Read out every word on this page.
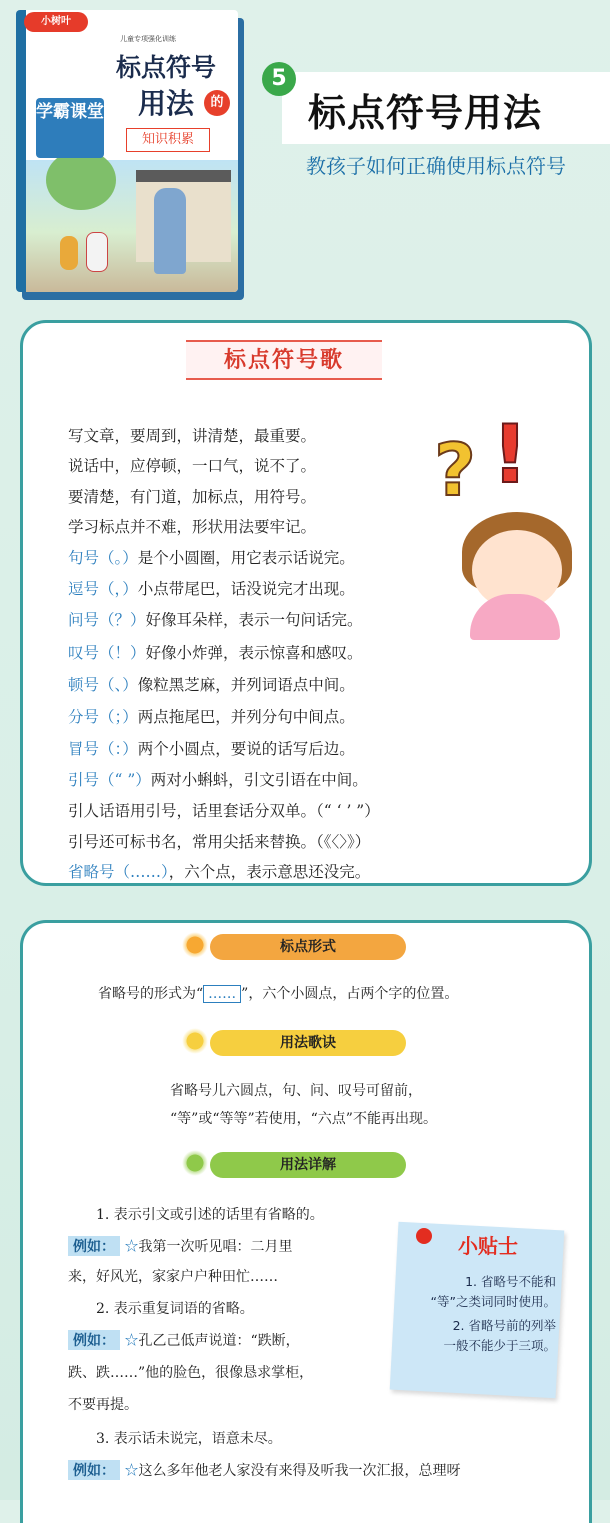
小树叶
儿童专项强化训练
标点符号
用法	的
知识积累
学霸课堂
5
标点符号用法
教孩子如何正确使用标点符号
标点符号歌
写文章，要周到，讲清楚，最重要。
说话中，应停顿，一口气，说不了。
要清楚，有门道，加标点，用符号。
学习标点并不难，形状用法要牢记。
句号（。）是个小圆圈，用它表示话说完。
逗号（，）小点带尾巴，话没说完才出现。
问号（？）好像耳朵样，表示一句问话完。
叹号（！）好像小炸弹，表示惊喜和感叹。
顿号（、）像粒黑芝麻，并列词语点中间。
分号（；）两点拖尾巴，并列分句中间点。
冒号（：）两个小圆点，要说的话写后边。
引号（“ ”）两对小蝌蚪，引文引语在中间。
引人话语用引号，话里套话分双单。（“ ‘ ’ ”）
引号还可标书名，常用尖括来替换。（《〈〉》）
省略号（……），六个点，表示意思还没完。
? !
标点形式
省略号的形式为“ …… ”，六个小圆点，占两个字的位置。
用法歌诀
省略号儿六圆点，句、问、叹号可留前，
“等”或“等等”若使用，“六点”不能再出现。
用法详解
1. 表示引文或引述的话里有省略的。
例如： ☆我第一次听见唱：二月里
来，好风光，家家户户种田忙……
2. 表示重复词语的省略。
例如： ☆孔乙己低声说道：“跌断，
跌、跌……”他的脸色，很像恳求掌柜，
不要再提。
3. 表示话未说完，语意未尽。
例如： ☆这么多年他老人家没有来得及听我一次汇报，总理呀
小贴士
1. 省略号不能和
“等”之类词同时使用。
2. 省略号前的列举
一般不能少于三项。
